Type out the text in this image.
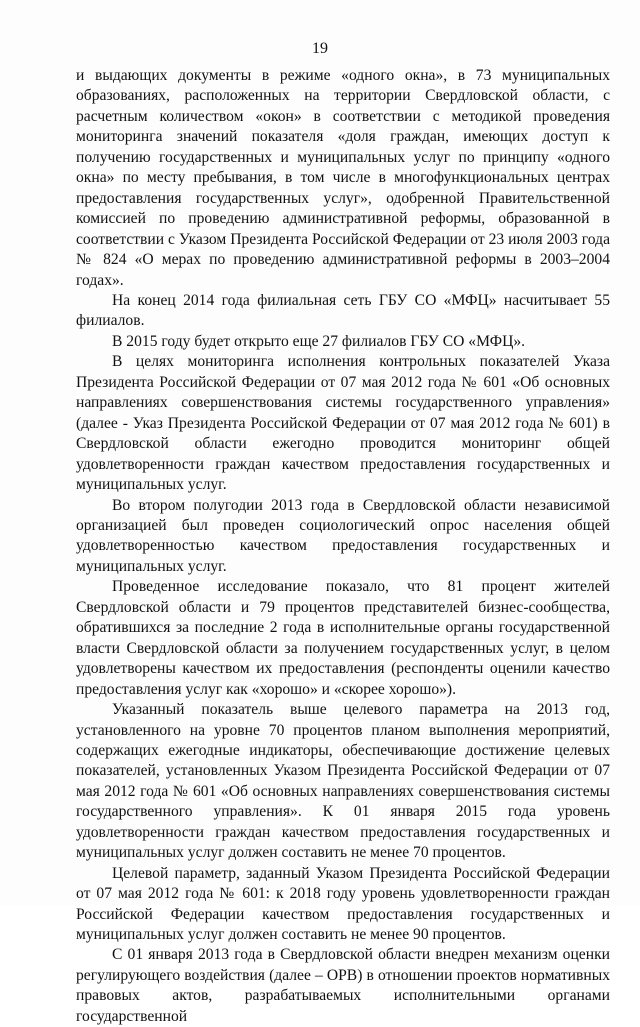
19

и выдающих документы в режиме «одного окна», в 73 муниципальных образованиях, расположенных на территории Свердловской области, с расчетным количеством «окон» в соответствии с методикой проведения мониторинга значений показателя «доля граждан, имеющих доступ к получению государственных и муниципальных услуг по принципу «одного окна» по месту пребывания, в том числе в многофункциональных центрах предоставления государственных услуг», одобренной Правительственной комиссией по проведению административной реформы, образованной в соответствии с Указом Президента Российской Федерации от 23 июля 2003 года № 824 «О мерах по проведению административной реформы в 2003–2004 годах».

На конец 2014 года филиальная сеть ГБУ СО «МФЦ» насчитывает 55 филиалов.

В 2015 году будет открыто еще 27 филиалов ГБУ СО «МФЦ».

В целях мониторинга исполнения контрольных показателей Указа Президента Российской Федерации от 07 мая 2012 года № 601 «Об основных направлениях совершенствования системы государственного управления» (далее - Указ Президента Российской Федерации от 07 мая 2012 года № 601) в Свердловской области ежегодно проводится мониторинг общей удовлетворенности граждан качеством предоставления государственных и муниципальных услуг.

Во втором полугодии 2013 года в Свердловской области независимой организацией был проведен социологический опрос населения общей удовлетворенностью качеством предоставления государственных и муниципальных услуг.

Проведенное исследование показало, что 81 процент жителей Свердловской области и 79 процентов представителей бизнес-сообщества, обратившихся за последние 2 года в исполнительные органы государственной власти Свердловской области за получением государственных услуг, в целом удовлетворены качеством их предоставления (респонденты оценили качество предоставления услуг как «хорошо» и «скорее хорошо»).

Указанный показатель выше целевого параметра на 2013 год, установленного на уровне 70 процентов планом выполнения мероприятий, содержащих ежегодные индикаторы, обеспечивающие достижение целевых показателей, установленных Указом Президента Российской Федерации от 07 мая 2012 года № 601 «Об основных направлениях совершенствования системы государственного управления». К 01 января 2015 года уровень удовлетворенности граждан качеством предоставления государственных и муниципальных услуг должен составить не менее 70 процентов.

Целевой параметр, заданный Указом Президента Российской Федерации от 07 мая 2012 года № 601: к 2018 году уровень удовлетворенности граждан Российской Федерации качеством предоставления государственных и муниципальных услуг должен составить не менее 90 процентов.

С 01 января 2013 года в Свердловской области внедрен механизм оценки регулирующего воздействия (далее – ОРВ) в отношении проектов нормативных правовых актов, разрабатываемых исполнительными органами государственной
